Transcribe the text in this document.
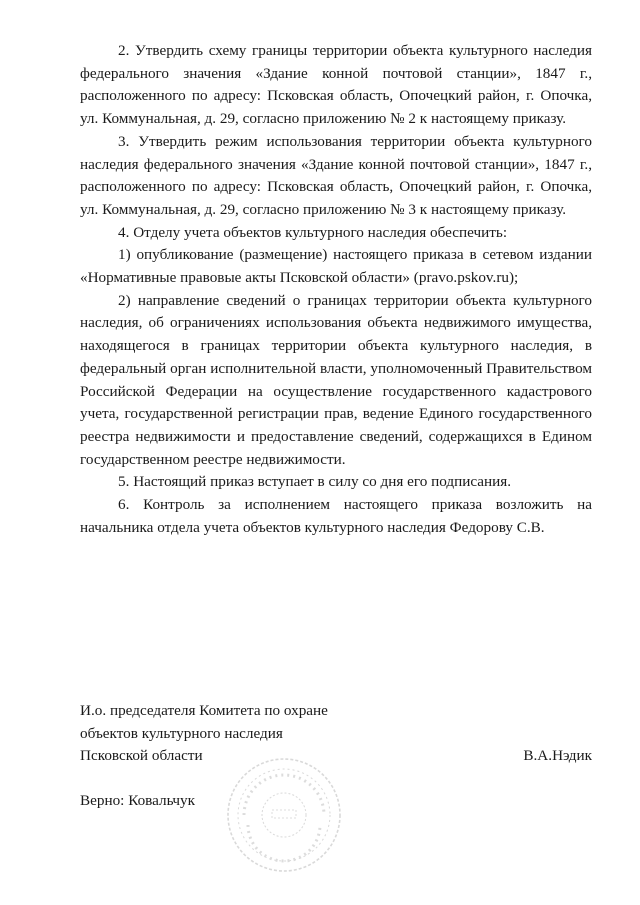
2. Утвердить схему границы территории объекта культурного наследия федерального значения «Здание конной почтовой станции», 1847 г., расположенного по адресу: Псковская область, Опочецкий район, г. Опочка, ул. Коммунальная, д. 29, согласно приложению № 2 к настоящему приказу.

3. Утвердить режим использования территории объекта культурного наследия федерального значения «Здание конной почтовой станции», 1847 г., расположенного по адресу: Псковская область, Опочецкий район, г. Опочка, ул. Коммунальная, д. 29, согласно приложению № 3 к настоящему приказу.

4. Отделу учета объектов культурного наследия обеспечить:

1) опубликование (размещение) настоящего приказа в сетевом издании «Нормативные правовые акты Псковской области» (pravo.pskov.ru);

2) направление сведений о границах территории объекта культурного наследия, об ограничениях использования объекта недвижимого имущества, находящегося в границах территории объекта культурного наследия, в федеральный орган исполнительной власти, уполномоченный Правительством Российской Федерации на осуществление государственного кадастрового учета, государственной регистрации прав, ведение Единого государственного реестра недвижимости и предоставление сведений, содержащихся в Едином государственном реестре недвижимости.

5. Настоящий приказ вступает в силу со дня его подписания.

6. Контроль за исполнением настоящего приказа возложить на начальника отдела учета объектов культурного наследия Федорову С.В.

И.о. председателя Комитета по охране
объектов культурного наследия
Псковской области	В.А.Нэдик
Верно: Ковальчук
